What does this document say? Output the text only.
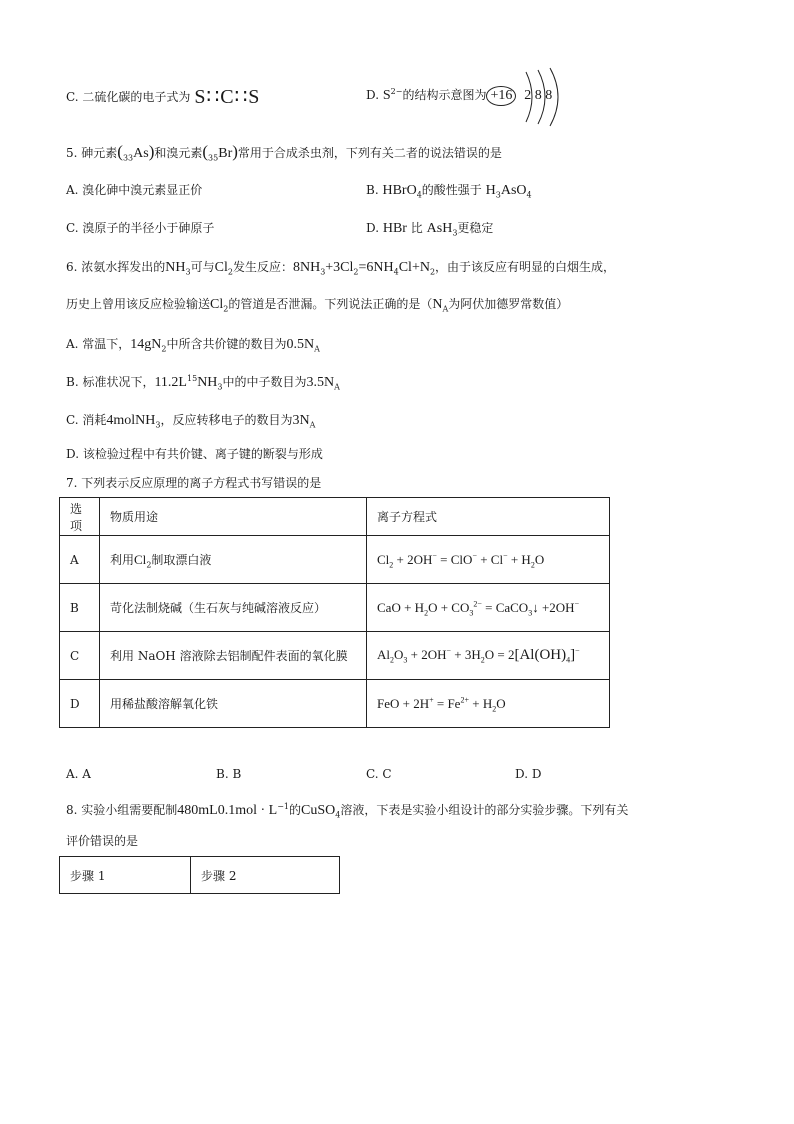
C. 二硫化碳的电子式为 S∷C∷S	D. $S^{2-}$的结构示意图为 +16 2 8 8
5. 砷元素$(_{33}As)$和溴元素$(_{35}Br)$常用于合成杀虫剂，下列有关二者的说法错误的是
A. 溴化砷中溴元素显正价	B. HBrO$_4$的酸性强于 $H_3AsO_4$
C. 溴原子的半径小于砷原子	D. HBr 比 AsH$_3$更稳定
6. 浓氨水挥发出的$NH_3$可与$Cl_2$发生反应：$8NH_3+3Cl_2=6NH_4Cl+N_2$，由于该反应有明显的白烟生成，
历史上曾用该反应检验输送$Cl_2$的管道是否泄漏。下列说法正确的是（$N_A$为阿伏加德罗常数值）
A. 常温下，$14gN_2$中所含共价键的数目为$0.5N_A$
B. 标准状况下，$11.2L^{15}NH_3$中的中子数目为$3.5N_A$
C. 消耗4molNH$_3$，反应转移电子的数目为$3N_A$
D. 该检验过程中有共价键、离子键的断裂与形成
7. 下列表示反应原理的离子方程式书写错误的是
选项	物质用途	离子方程式
A	利用$Cl_2$制取漂白液	$Cl_2 + 2OH^- = ClO^- + Cl^- + H_2O$
B	苛化法制烧碱（生石灰与纯碱溶液反应）	CaO + $H_2O + CO_3^{2-}$ = CaCO$_3$↓ +2OH−
C	利用 NaOH 溶液除去铝制配件表面的氧化膜	$Al_2O_3 + 2OH^- + 3H_2O = 2[Al(OH)_4]^-$
D	用稀盐酸溶解氧化铁	FeO + $2H^+ = Fe^{2+} + H_2O$
A. A	B. B	C. C	D. D
8. 实验小组需要配制$480mL0.1mol \cdot L^{-1}$的CuSO$_4$溶液，下表是实验小组设计的部分实验步骤。下列有关
评价错误的是
步骤 1	步骤 2
